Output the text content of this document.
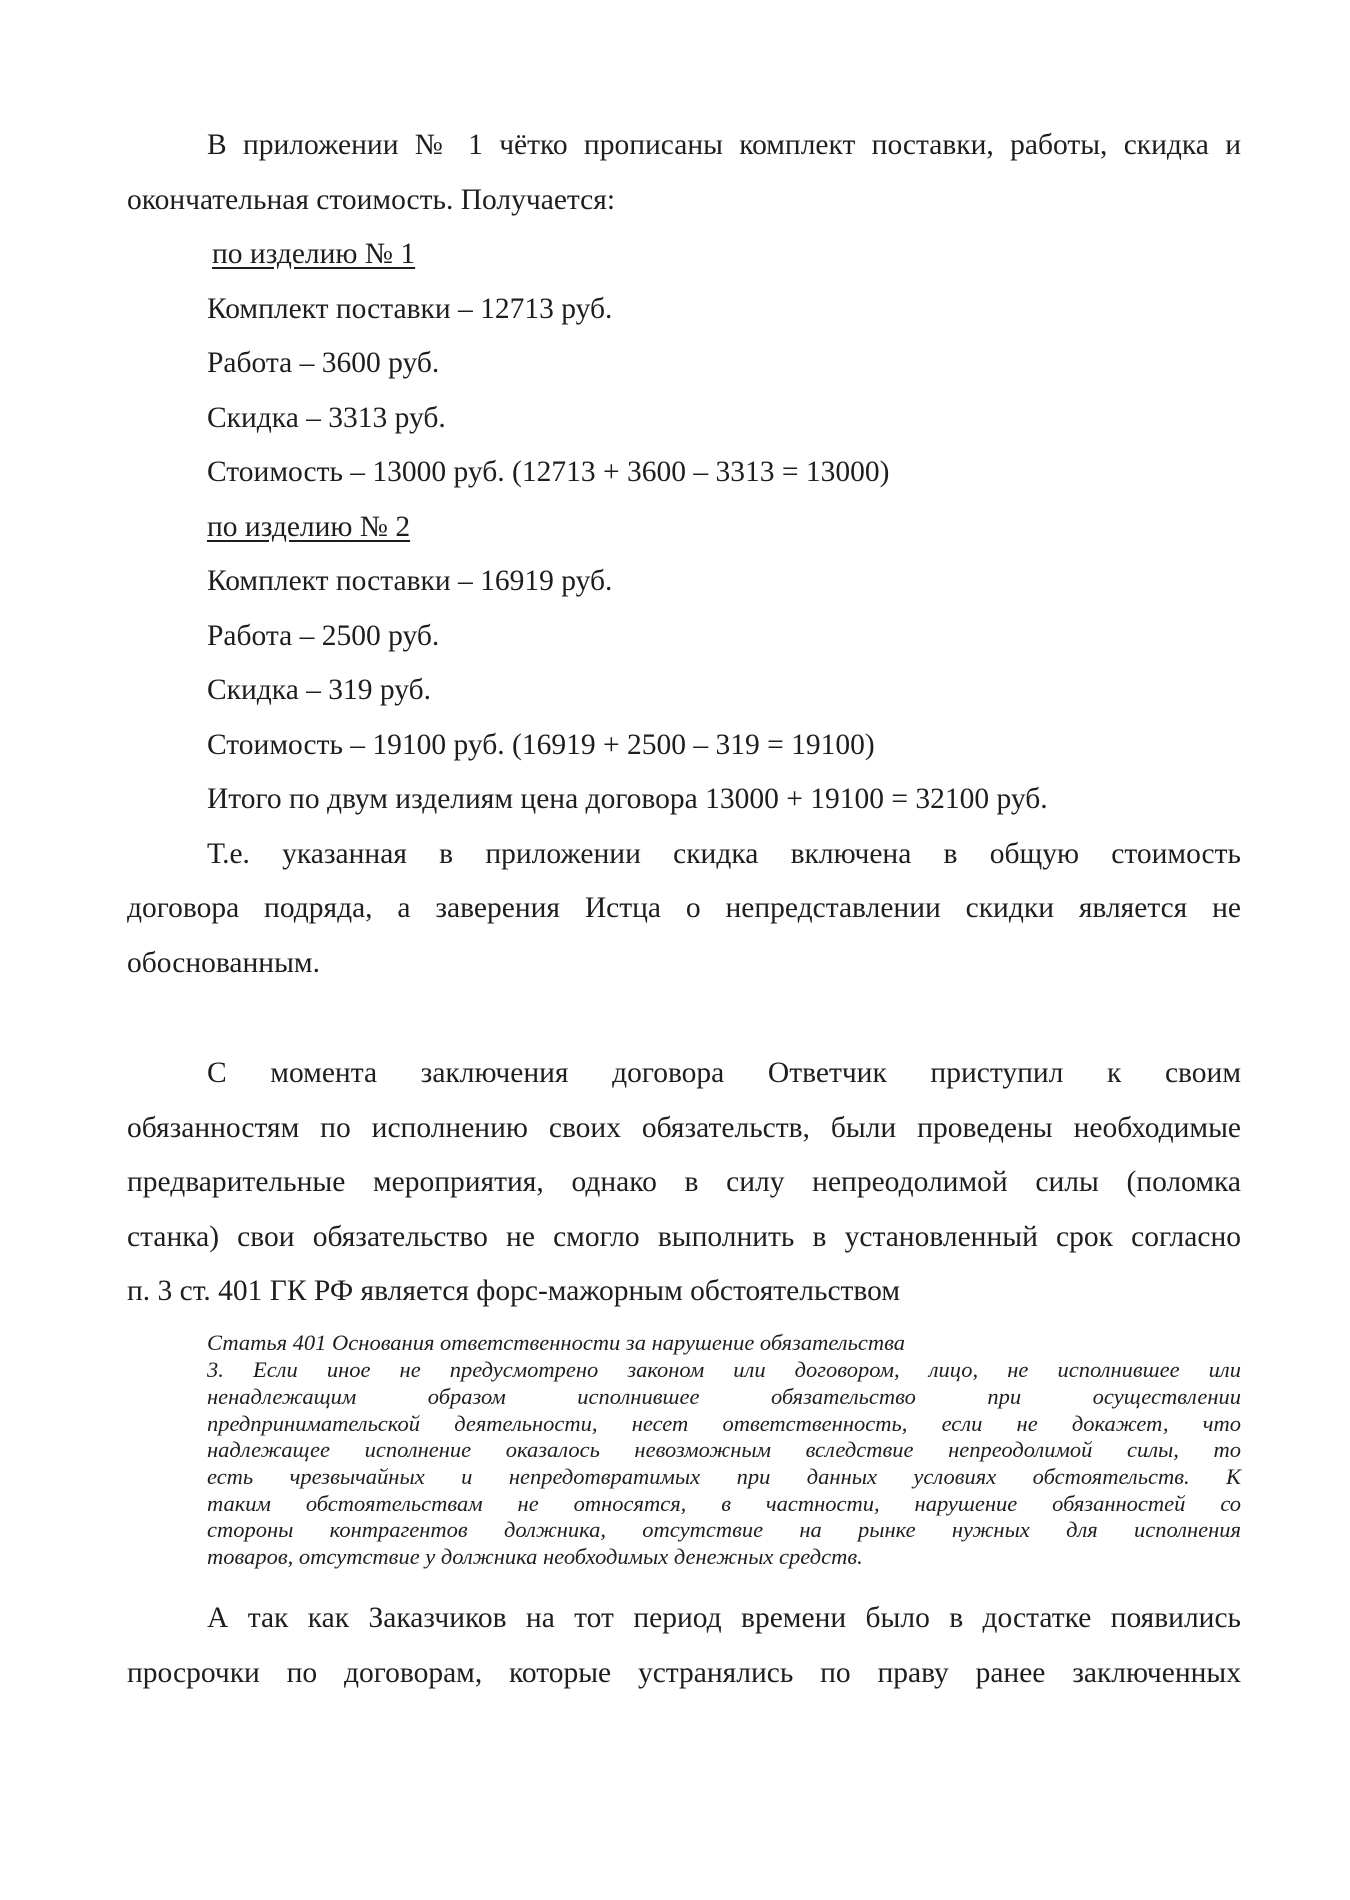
В приложении № 1 чётко прописаны комплект поставки, работы, скидка и
окончательная стоимость. Получается:
по изделию № 1
Комплект поставки – 12713 руб.
Работа – 3600 руб.
Скидка – 3313 руб.
Стоимость – 13000 руб. (12713 + 3600 – 3313 = 13000)
по изделию № 2
Комплект поставки – 16919 руб.
Работа – 2500 руб.
Скидка – 319 руб.
Стоимость – 19100 руб. (16919 + 2500 – 319 = 19100)
Итого по двум изделиям цена договора 13000 + 19100 = 32100 руб.
Т.е. указанная в приложении скидка включена в общую стоимость
договора подряда, а заверения Истца о непредставлении скидки является не
обоснованным.
С момента заключения договора Ответчик приступил к своим
обязанностям по исполнению своих обязательств, были проведены необходимые
предварительные мероприятия, однако в силу непреодолимой силы (поломка
станка) свои обязательство не смогло выполнить в установленный срок согласно
п. 3 ст. 401 ГК РФ является форс-мажорным обстоятельством
Статья 401 Основания ответственности за нарушение обязательства
3. Если иное не предусмотрено законом или договором, лицо, не исполнившее или
ненадлежащим образом исполнившее обязательство при осуществлении
предпринимательской деятельности, несет ответственность, если не докажет, что
надлежащее исполнение оказалось невозможным вследствие непреодолимой силы, то
есть чрезвычайных и непредотвратимых при данных условиях обстоятельств. К
таким обстоятельствам не относятся, в частности, нарушение обязанностей со
стороны контрагентов должника, отсутствие на рынке нужных для исполнения
товаров, отсутствие у должника необходимых денежных средств.
А так как Заказчиков на тот период времени было в достатке появились
просрочки по договорам, которые устранялись по праву ранее заключенных
